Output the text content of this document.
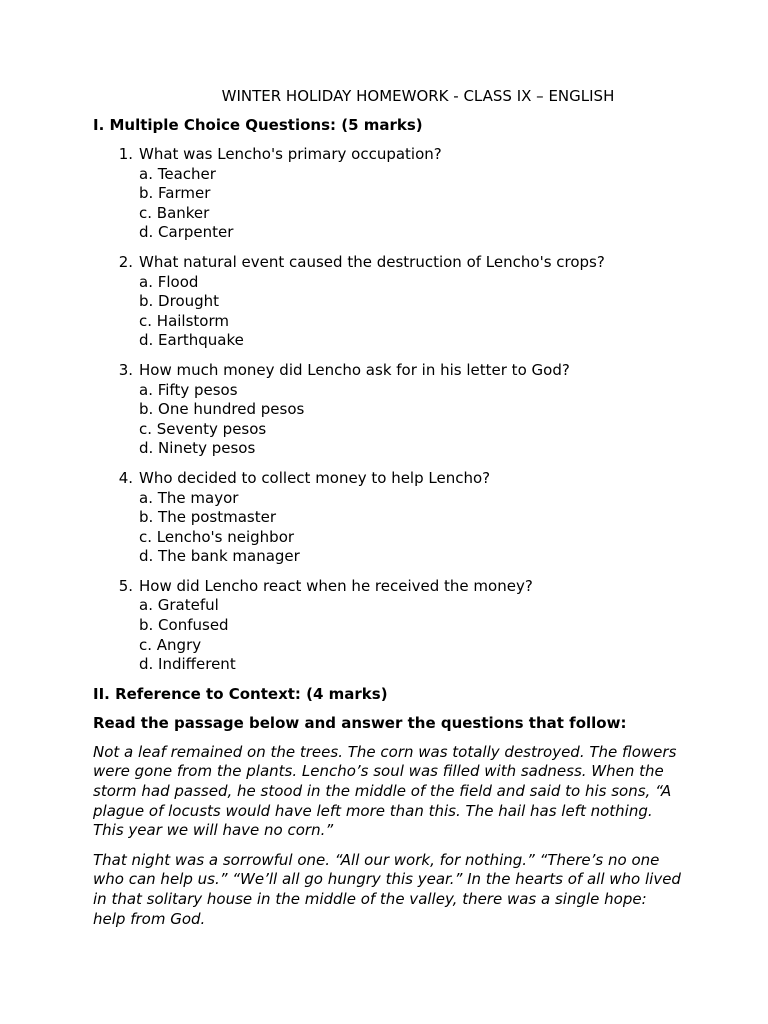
WINTER HOLIDAY HOMEWORK - CLASS IX – ENGLISH
I. Multiple Choice Questions: (5 marks)
1. What was Lencho's primary occupation?
a. Teacher
b. Farmer
c. Banker
d. Carpenter
2. What natural event caused the destruction of Lencho's crops?
a. Flood
b. Drought
c. Hailstorm
d. Earthquake
3. How much money did Lencho ask for in his letter to God?
a. Fifty pesos
b. One hundred pesos
c. Seventy pesos
d. Ninety pesos
4. Who decided to collect money to help Lencho?
a. The mayor
b. The postmaster
c. Lencho's neighbor
d. The bank manager
5. How did Lencho react when he received the money?
a. Grateful
b. Confused
c. Angry
d. Indifferent
II. Reference to Context: (4 marks)

Read the passage below and answer the questions that follow:

Not a leaf remained on the trees. The corn was totally destroyed. The flowers were gone from the plants. Lencho’s soul was filled with sadness. When the storm had passed, he stood in the middle of the field and said to his sons, “A plague of locusts would have left more than this. The hail has left nothing. This year we will have no corn.”

That night was a sorrowful one. “All our work, for nothing.” “There’s no one who can help us.” “We’ll all go hungry this year.” In the hearts of all who lived in that solitary house in the middle of the valley, there was a single hope: help from God.
